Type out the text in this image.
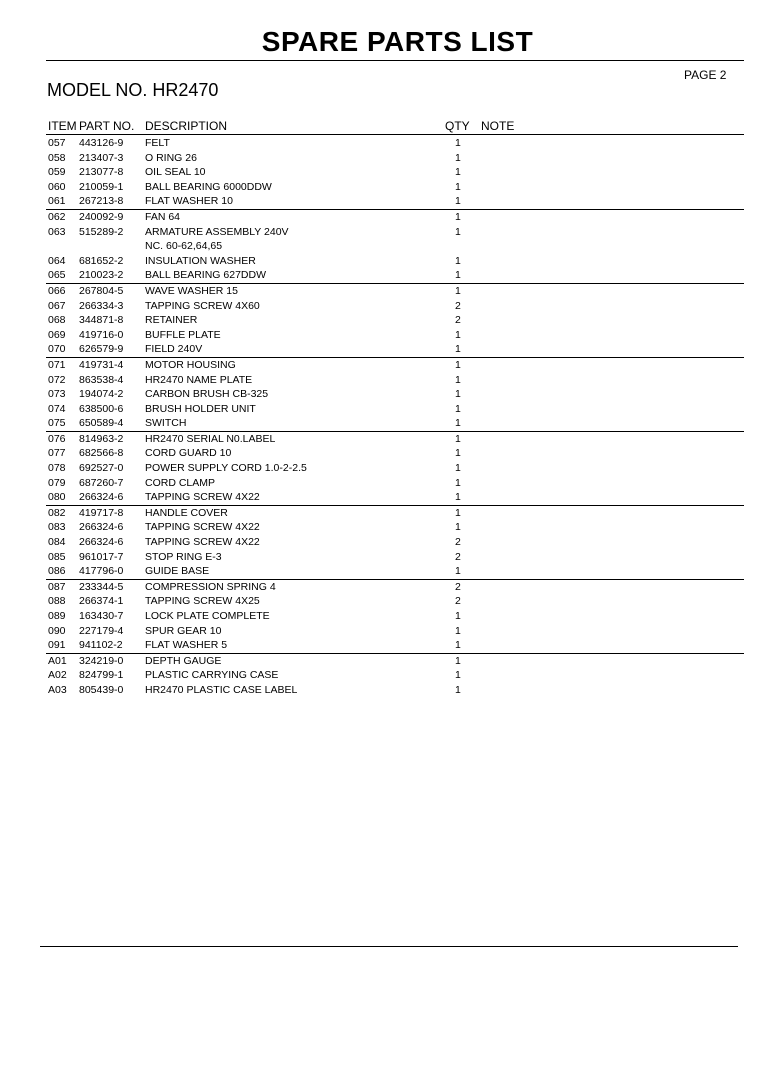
SPARE PARTS LIST
PAGE 2
MODEL NO. HR2470
ITEM PART NO. DESCRIPTION	QTY NOTE
057 443126-9 FELT	1
058 213407-3 O RING 26	1
059 213077-8 OIL SEAL 10	1
060 210059-1 BALL BEARING 6000DDW	1
061 267213-8 FLAT WASHER 10	1
062 240092-9 FAN 64	1
063 515289-2 ARMATURE ASSEMBLY 240V	1
NC. 60-62,64,65
064 681652-2 INSULATION WASHER	1
065 210023-2 BALL BEARING 627DDW	1
066 267804-5 WAVE WASHER 15	1
067 266334-3 TAPPING SCREW 4X60	2
068 344871-8 RETAINER	2
069 419716-0 BUFFLE PLATE	1
070 626579-9 FIELD 240V	1
071 419731-4 MOTOR HOUSING	1
072 863538-4 HR2470 NAME PLATE	1
073 194074-2 CARBON BRUSH CB-325	1
074 638500-6 BRUSH HOLDER UNIT	1
075 650589-4 SWITCH	1
076 814963-2 HR2470 SERIAL N0.LABEL	1
077 682566-8 CORD GUARD 10	1
078 692527-0 POWER SUPPLY CORD 1.0-2-2.5	1
079 687260-7 CORD CLAMP	1
080 266324-6 TAPPING SCREW 4X22	1
082 419717-8 HANDLE COVER	1
083 266324-6 TAPPING SCREW 4X22	1
084 266324-6 TAPPING SCREW 4X22	2
085 961017-7 STOP RING E-3	2
086 417796-0 GUIDE BASE	1
087 233344-5 COMPRESSION SPRING 4	2
088 266374-1 TAPPING SCREW 4X25	2
089 163430-7 LOCK PLATE COMPLETE	1
090 227179-4 SPUR GEAR 10	1
091 941102-2 FLAT WASHER 5	1
A01 324219-0 DEPTH GAUGE	1
A02 824799-1 PLASTIC CARRYING CASE	1
A03 805439-0 HR2470 PLASTIC CASE LABEL	1
